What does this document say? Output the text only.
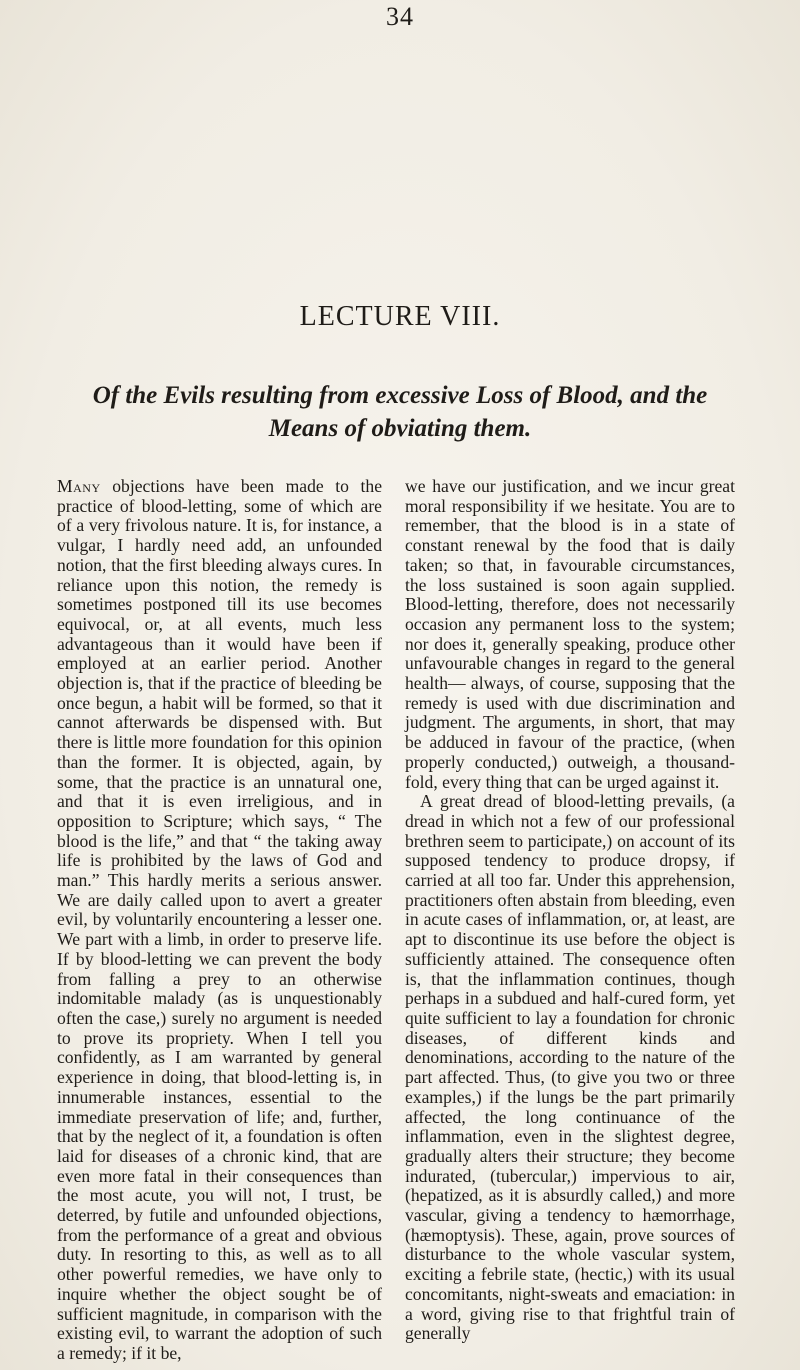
34
LECTURE VIII.
Of the Evils resulting from excessive Loss of Blood, and the Means of obviating them.

Many objections have been made to the practice of blood-letting, some of which are of a very frivolous nature. It is, for instance, a vulgar, I hardly need add, an unfounded notion, that the first bleeding always cures. In reliance upon this notion, the remedy is sometimes postponed till its use becomes equivocal, or, at all events, much less advantageous than it would have been if employed at an earlier period. Another objection is, that if the practice of bleeding be once begun, a habit will be formed, so that it cannot afterwards be dispensed with. But there is little more foundation for this opinion than the former. It is objected, again, by some, that the practice is an unnatural one, and that it is even irreligious, and in opposition to Scripture; which says, “ The blood is the life,” and that “ the taking away life is prohibited by the laws of God and man.” This hardly merits a serious answer. We are daily called upon to avert a greater evil, by voluntarily encountering a lesser one. We part with a limb, in order to preserve life. If by blood-letting we can prevent the body from falling a prey to an otherwise indomitable malady (as is unquestionably often the case,) surely no argument is needed to prove its propriety. When I tell you confidently, as I am warranted by general experience in doing, that blood-letting is, in innumerable instances, essential to the immediate preservation of life; and, further, that by the neglect of it, a foundation is often laid for diseases of a chronic kind, that are even more fatal in their consequences than the most acute, you will not, I trust, be deterred, by futile and unfounded objections, from the performance of a great and obvious duty. In resorting to this, as well as to all other powerful remedies, we have only to inquire whether the object sought be of sufficient magnitude, in comparison with the existing evil, to warrant the adoption of such a remedy; if it be,

we have our justification, and we incur great moral responsibility if we hesitate. You are to remember, that the blood is in a state of constant renewal by the food that is daily taken; so that, in favourable circumstances, the loss sustained is soon again supplied. Blood-letting, therefore, does not necessarily occasion any permanent loss to the system; nor does it, generally speaking, produce other unfavourable changes in regard to the general health— always, of course, supposing that the remedy is used with due discrimination and judgment. The arguments, in short, that may be adduced in favour of the practice, (when properly conducted,) outweigh, a thousand-fold, every thing that can be urged against it.

A great dread of blood-letting prevails, (a dread in which not a few of our professional brethren seem to participate,) on account of its supposed tendency to produce dropsy, if carried at all too far. Under this apprehension, practitioners often abstain from bleeding, even in acute cases of inflammation, or, at least, are apt to discontinue its use before the object is sufficiently attained. The consequence often is, that the inflammation continues, though perhaps in a subdued and half-cured form, yet quite sufficient to lay a foundation for chronic diseases, of different kinds and denominations, according to the nature of the part affected. Thus, (to give you two or three examples,) if the lungs be the part primarily affected, the long continuance of the inflammation, even in the slightest degree, gradually alters their structure; they become indurated, (tubercular,) impervious to air, (hepatized, as it is absurdly called,) and more vascular, giving a tendency to hæmorrhage, (hæmoptysis). These, again, prove sources of disturbance to the whole vascular system, exciting a febrile state, (hectic,) with its usual concomitants, night-sweats and emaciation: in a word, giving rise to that frightful train of generally
